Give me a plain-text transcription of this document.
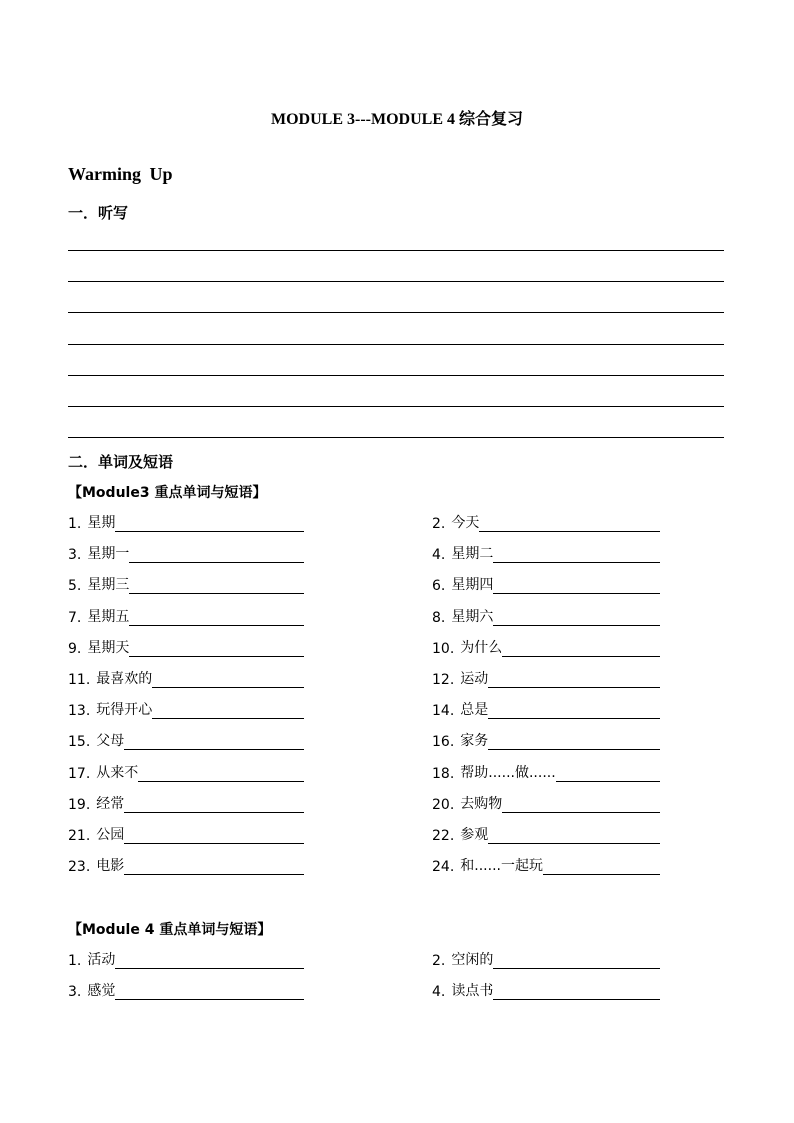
MODULE 3---MODULE 4 综合复习
Warming Up
一．听写
二．单词及短语
【Module3 重点单词与短语】
1. 星期	2. 今天
3. 星期一	4. 星期二
5. 星期三	6. 星期四
7. 星期五	8. 星期六
9. 星期天	10. 为什么
11. 最喜欢的	12. 运动
13. 玩得开心	14. 总是
15. 父母	16. 家务
17. 从来不	18. 帮助......做......
19. 经常	20. 去购物
21. 公园	22. 参观
23. 电影	24. 和......一起玩
【Module 4 重点单词与短语】
1. 活动	2. 空闲的
3. 感觉	4. 读点书
